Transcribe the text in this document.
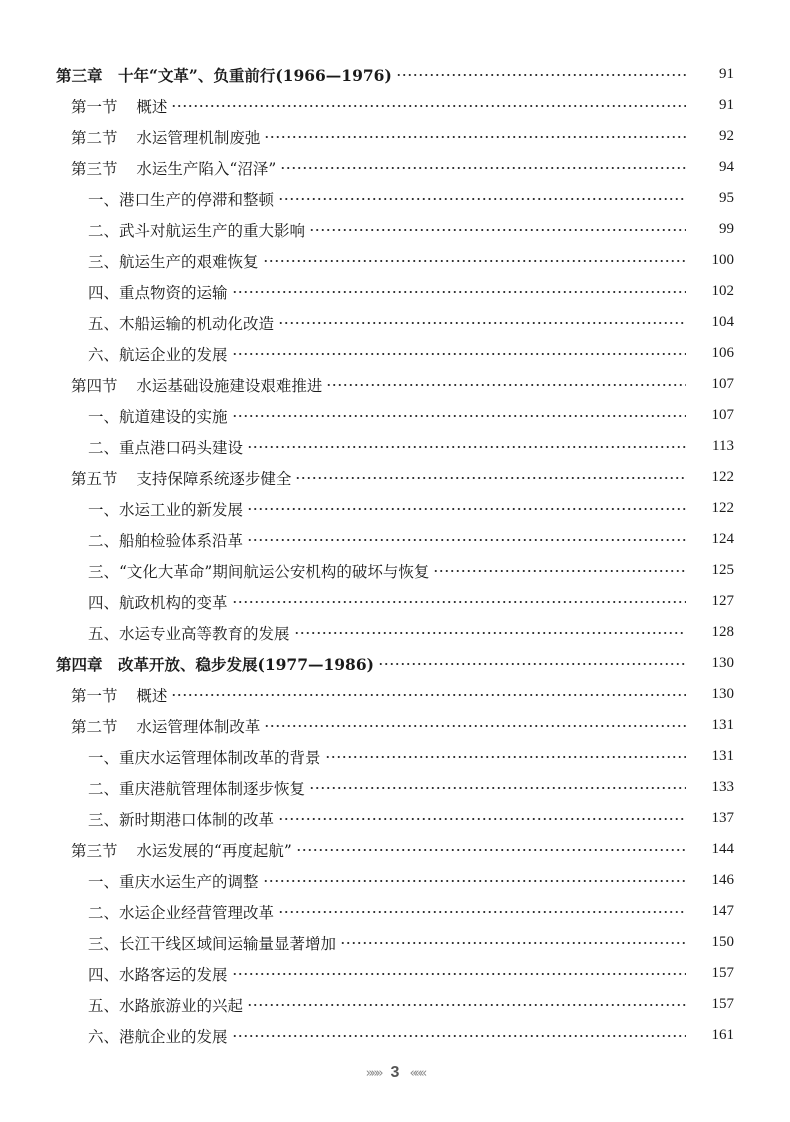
第三章　十年“文革”、负重前行(1966—1976)	91
第一节 概述	91
第二节 水运管理机制废弛	92
第三节 水运生产陷入“沼泽”	94
一、港口生产的停滞和整顿	95
二、武斗对航运生产的重大影响	99
三、航运生产的艰难恢复	100
四、重点物资的运输	102
五、木船运输的机动化改造	104
六、航运企业的发展	106
第四节 水运基础设施建设艰难推进	107
一、航道建设的实施	107
二、重点港口码头建设	113
第五节 支持保障系统逐步健全	122
一、水运工业的新发展	122
二、船舶检验体系沿革	124
三、“文化大革命”期间航运公安机构的破坏与恢复	125
四、航政机构的变革	127
五、水运专业高等教育的发展	128
第四章　改革开放、稳步发展(1977—1986)	130
第一节 概述	130
第二节 水运管理体制改革	131
一、重庆水运管理体制改革的背景	131
二、重庆港航管理体制逐步恢复	133
三、新时期港口体制的改革	137
第三节 水运发展的“再度起航”	144
一、重庆水运生产的调整	146
二、水运企业经营管理改革	147
三、长江干线区域间运输量显著增加	150
四、水路客运的发展	157
五、水路旅游业的兴起	157
六、港航企业的发展	161
»»» 3 «««
